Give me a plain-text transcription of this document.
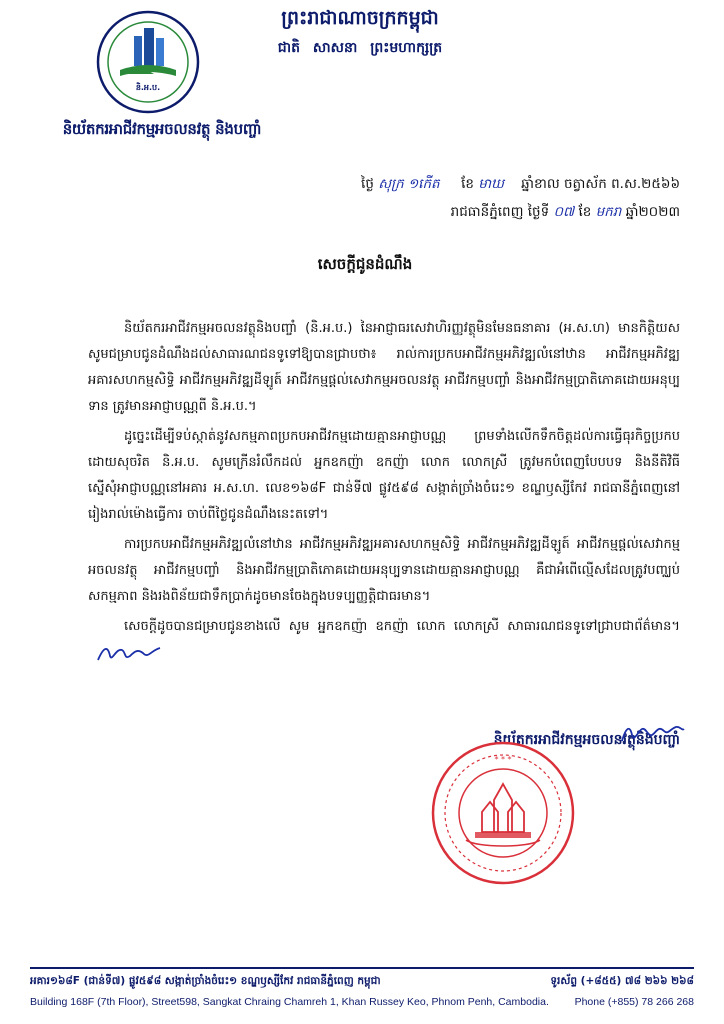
និ.អ.ប.
និយ័តករអាជីវកម្មអចលនវត្ថុ និងបញ្ចាំ
ព្រះរាជាណាចក្រកម្ពុជា
ជាតិ សាសនា ព្រះមហាក្សត្រ
ថ្ងៃ សុក្រ ១កើត ខែ មាឃ ឆ្នាំខាល ចត្វាស័ក ព.ស.២៥៦៦
រាជធានីភ្នំពេញ ថ្ងៃទី ០៧ ខែ មករា ឆ្នាំ២០២៣
សេចក្ដីជូនដំណឹង

និយ័តករអាជីវកម្មអចលនវត្ថុនិងបញ្ចាំ (និ.អ.ប.) នៃអាជ្ញាធរសេវាហិរញ្ញវត្ថុមិនមែនធនាគារ (អ.ស.ហ) មានកិត្តិយសសូមជម្រាបជូនដំណឹងដល់សាធារណជនទូទៅឱ្យបានជ្រាបថា៖ រាល់ការប្រកបអាជីវកម្មអភិវឌ្ឍលំនៅឋាន អាជីវកម្មអភិវឌ្ឍអគារសហកម្មសិទ្ធិ អាជីវកម្មអភិវឌ្ឍដីឡូត៍ អាជីវកម្មផ្ដល់សេវាកម្មអចលនវត្ថុ អាជីវកម្មបញ្ចាំ និងអាជីវកម្មប្រាតិភោគដោយអនុប្បទាន ត្រូវមានអាជ្ញាបណ្ណពី និ.អ.ប.។

ដូច្នេះដើម្បីទប់ស្កាត់នូវសកម្មភាពប្រកបអាជីវកម្មដោយគ្មានអាជ្ញាបណ្ណ ព្រមទាំងលើកទឹកចិត្តដល់ការធ្វើធុរកិច្ចប្រកបដោយសុចរិត និ.អ.ប. សូមក្រើនរំលឹកដល់ អ្នកឧកញ៉ា ឧកញ៉ា លោក លោកស្រី ត្រូវមកបំពេញបែបបទ និងនីតិវិធីស្នើសុំអាជ្ញាបណ្ណនៅអគារ អ.ស.ហ. លេខ១៦៨F ជាន់ទី៧ ផ្លូវ៥៩៨ សង្កាត់ច្រាំងចំរេះ១ ខណ្ឌឫស្សីកែវ រាជធានីភ្នំពេញនៅរៀងរាល់ម៉ោងធ្វើការ ចាប់ពីថ្ងៃជូនដំណឹងនេះតទៅ។

ការប្រកបអាជីវកម្មអភិវឌ្ឍលំនៅឋាន អាជីវកម្មអភិវឌ្ឍអគារសហកម្មសិទ្ធិ អាជីវកម្មអភិវឌ្ឍដីឡូត៍ អាជីវកម្មផ្ដល់សេវាកម្មអចលនវត្ថុ អាជីវកម្មបញ្ចាំ និងអាជីវកម្មប្រាតិភោគដោយអនុប្បទានដោយគ្មានអាជ្ញាបណ្ណ គឺជាអំពើល្មើសដែលត្រូវបញ្ឈប់សកម្មភាព និងរងពិន័យជាទឹកប្រាក់ដូចមានចែងក្នុងបទប្បញ្ញត្តិជាធរមាន។

សេចក្តីដូចបានជម្រាបជូនខាងលើ សូម អ្នកឧកញ៉ា ឧកញ៉ា លោក លោកស្រី សាធារណជនទូទៅជ្រាបជាព័ត៌មាន។

និយ័តករអាជីវកម្មអចលនវត្ថុនិងបញ្ចាំ
* * *
អគារ១៦៨F (ជាន់ទី៧) ផ្លូវ៥៩៨ សង្កាត់ច្រាំងចំរេះ១ ខណ្ឌឫស្សីកែវ រាជធានីភ្នំពេញ កម្ពុជា
Building 168F (7th Floor), Street598, Sangkat Chraing Chamreh 1, Khan Russey Keo, Phnom Penh, Cambodia.
ទូរស័ព្ទ (+៨៥៥) ៧៨ ២៦៦ ២៦៨
Phone (+855) 78 266 268
